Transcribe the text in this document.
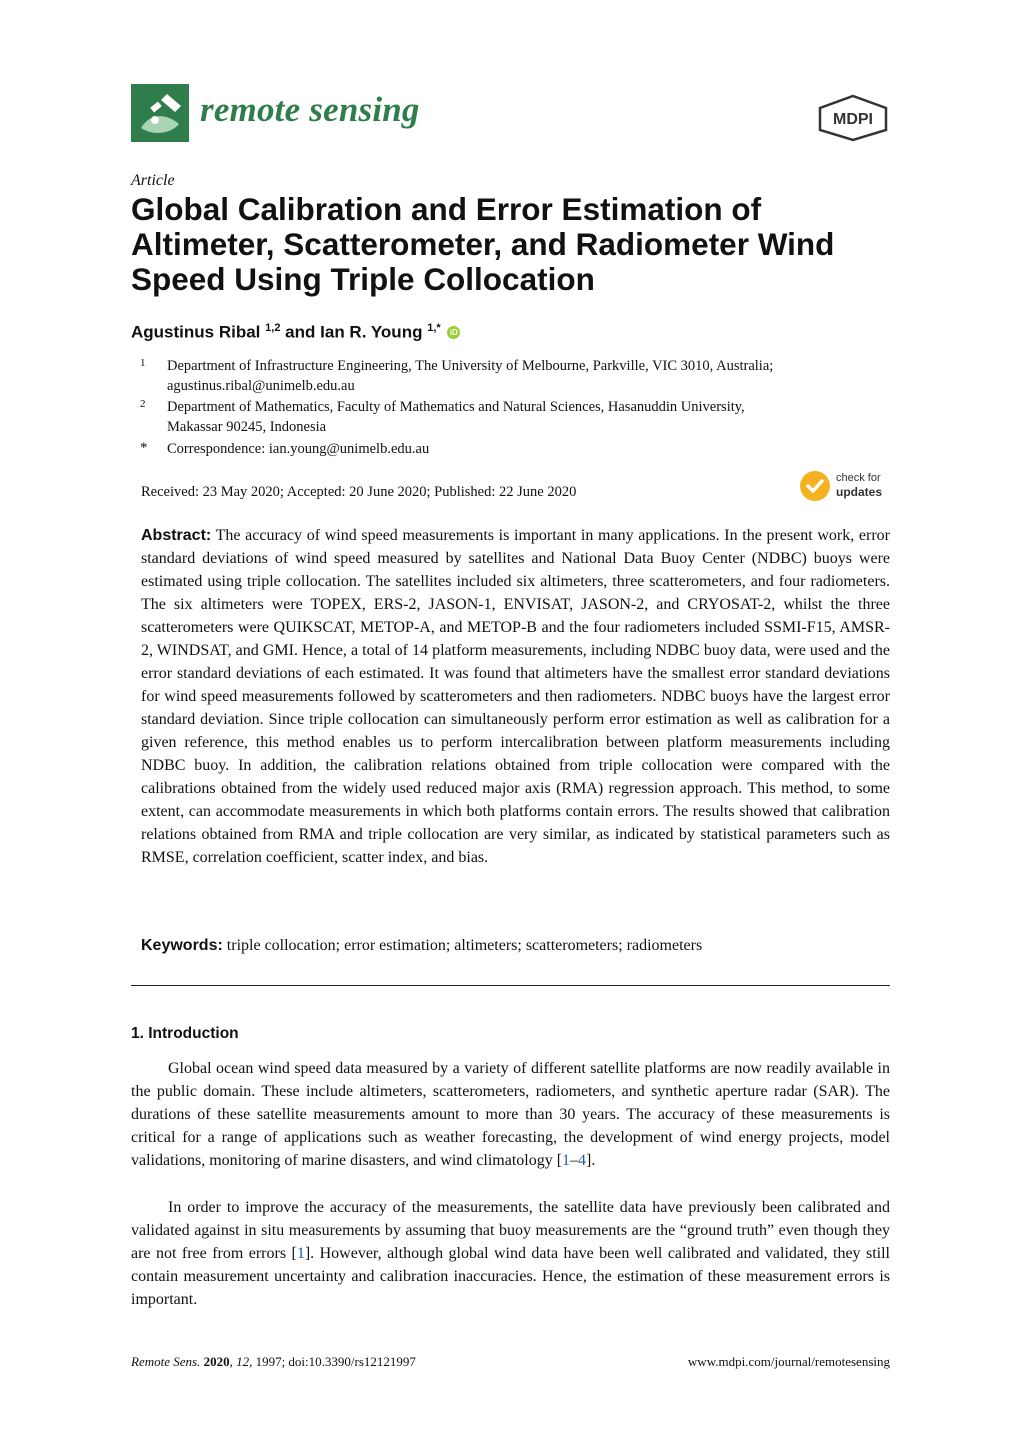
remote sensing	MDPI
Article
Global Calibration and Error Estimation of Altimeter, Scatterometer, and Radiometer Wind Speed Using Triple Collocation
Agustinus Ribal $^{1,2}$ and Ian R. Young $^{1,*}$ iD
1 Department of Infrastructure Engineering, The University of Melbourne, Parkville, VIC 3010, Australia;
agustinus.ribal@unimelb.edu.au
2 Department of Mathematics, Faculty of Mathematics and Natural Sciences, Hasanuddin University,
Makassar 90245, Indonesia
* Correspondence: ian.young@unimelb.edu.au
Received: 23 May 2020; Accepted: 20 June 2020; Published: 22 June 2020
check for
updates
Abstract: The accuracy of wind speed measurements is important in many applications. In the present work, error standard deviations of wind speed measured by satellites and National Data Buoy Center (NDBC) buoys were estimated using triple collocation. The satellites included six altimeters, three scatterometers, and four radiometers. The six altimeters were TOPEX, ERS-2, JASON-1, ENVISAT, JASON-2, and CRYOSAT-2, whilst the three scatterometers were QUIKSCAT, METOP-A, and METOP-B and the four radiometers included SSMI-F15, AMSR-2, WINDSAT, and GMI. Hence, a total of 14 platform measurements, including NDBC buoy data, were used and the error standard deviations of each estimated. It was found that altimeters have the smallest error standard deviations for wind speed measurements followed by scatterometers and then radiometers. NDBC buoys have the largest error standard deviation. Since triple collocation can simultaneously perform error estimation as well as calibration for a given reference, this method enables us to perform intercalibration between platform measurements including NDBC buoy. In addition, the calibration relations obtained from triple collocation were compared with the calibrations obtained from the widely used reduced major axis (RMA) regression approach. This method, to some extent, can accommodate measurements in which both platforms contain errors. The results showed that calibration relations obtained from RMA and triple collocation are very similar, as indicated by statistical parameters such as RMSE, correlation coefficient, scatter index, and bias.
Keywords: triple collocation; error estimation; altimeters; scatterometers; radiometers
1. Introduction
Global ocean wind speed data measured by a variety of different satellite platforms are now readily available in the public domain. These include altimeters, scatterometers, radiometers, and synthetic aperture radar (SAR). The durations of these satellite measurements amount to more than 30 years. The accuracy of these measurements is critical for a range of applications such as weather forecasting, the development of wind energy projects, model validations, monitoring of marine disasters, and wind climatology [1–4].
In order to improve the accuracy of the measurements, the satellite data have previously been calibrated and validated against in situ measurements by assuming that buoy measurements are the “ground truth” even though they are not free from errors [1]. However, although global wind data have been well calibrated and validated, they still contain measurement uncertainty and calibration inaccuracies. Hence, the estimation of these measurement errors is important.
Remote Sens. 2020, 12, 1997; doi:10.3390/rs12121997	www.mdpi.com/journal/remotesensing
